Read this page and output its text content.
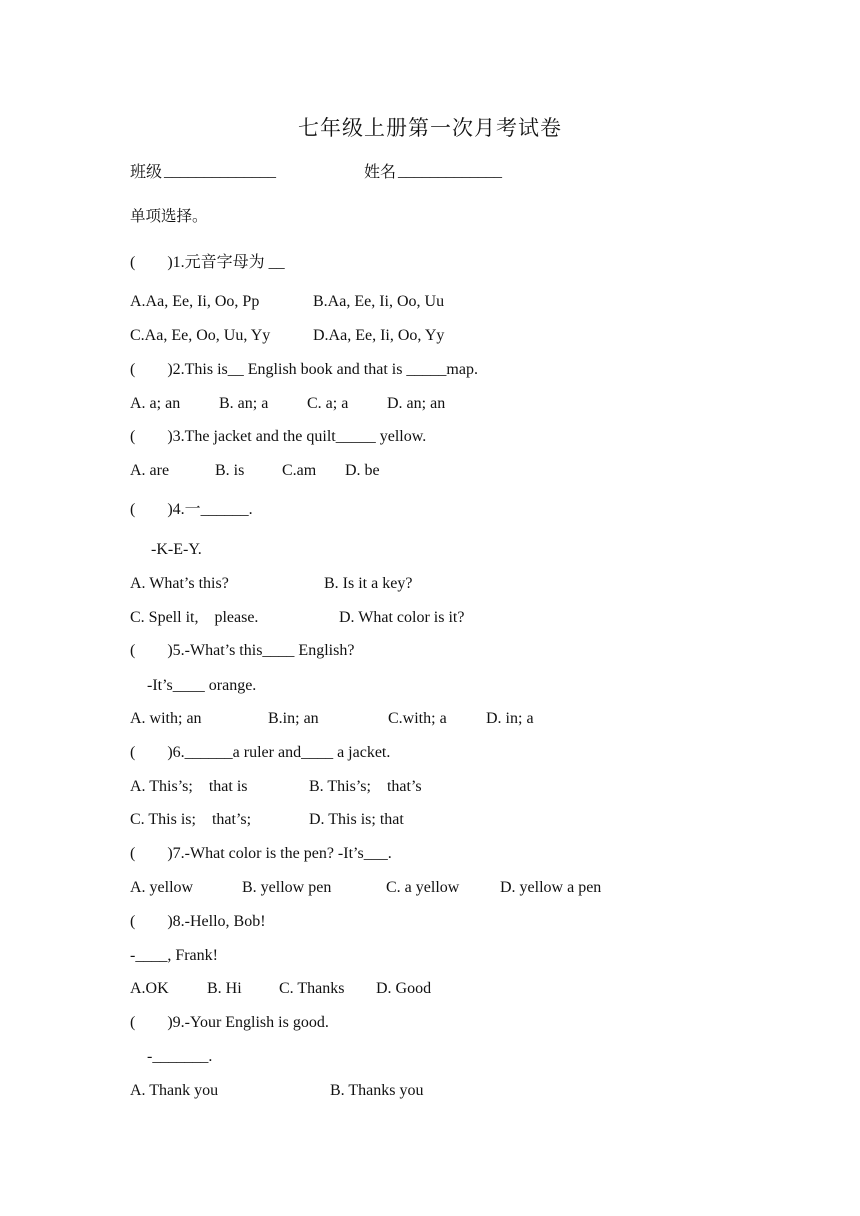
七年级上册第一次月考试卷
班级 ______________	姓名 _____________
单项选择。
(        )1.元音字母为 __
A.Aa, Ee, Ii, Oo, Pp	B.Aa, Ee, Ii, Oo, Uu
C.Aa, Ee, Oo, Uu, Yy	D.Aa, Ee, Ii, Oo, Yy
(        )2.This is__ English book and that is _____map.
A. a; an B. an; a C. a; a D. an; an
(        )3.The jacket and the quilt_____ yellow.
A. are	B. is C.am D. be
(        )4.一______.
-K-E-Y.
A. What’s this?	B. Is it a key?
C. Spell it,    please.	D. What color is it?
(        )5.-What’s this____ English?
-It’s____ orange.
A. with; an	B.in; an	C.with; a D. in; a
(        )6.______a ruler and____ a jacket.
A. This’s;    that is	B. This’s;    that’s
C. This is;    that’s;	D. This is; that
(        )7.-What color is the pen? -It’s___.
A. yellow	B. yellow pen	C. a yellow	D. yellow a pen
(        )8.-Hello, Bob!
-____, Frank!
A.OK B. Hi C. Thanks D. Good
(        )9.-Your English is good.
-_______.
A. Thank you	B. Thanks you
